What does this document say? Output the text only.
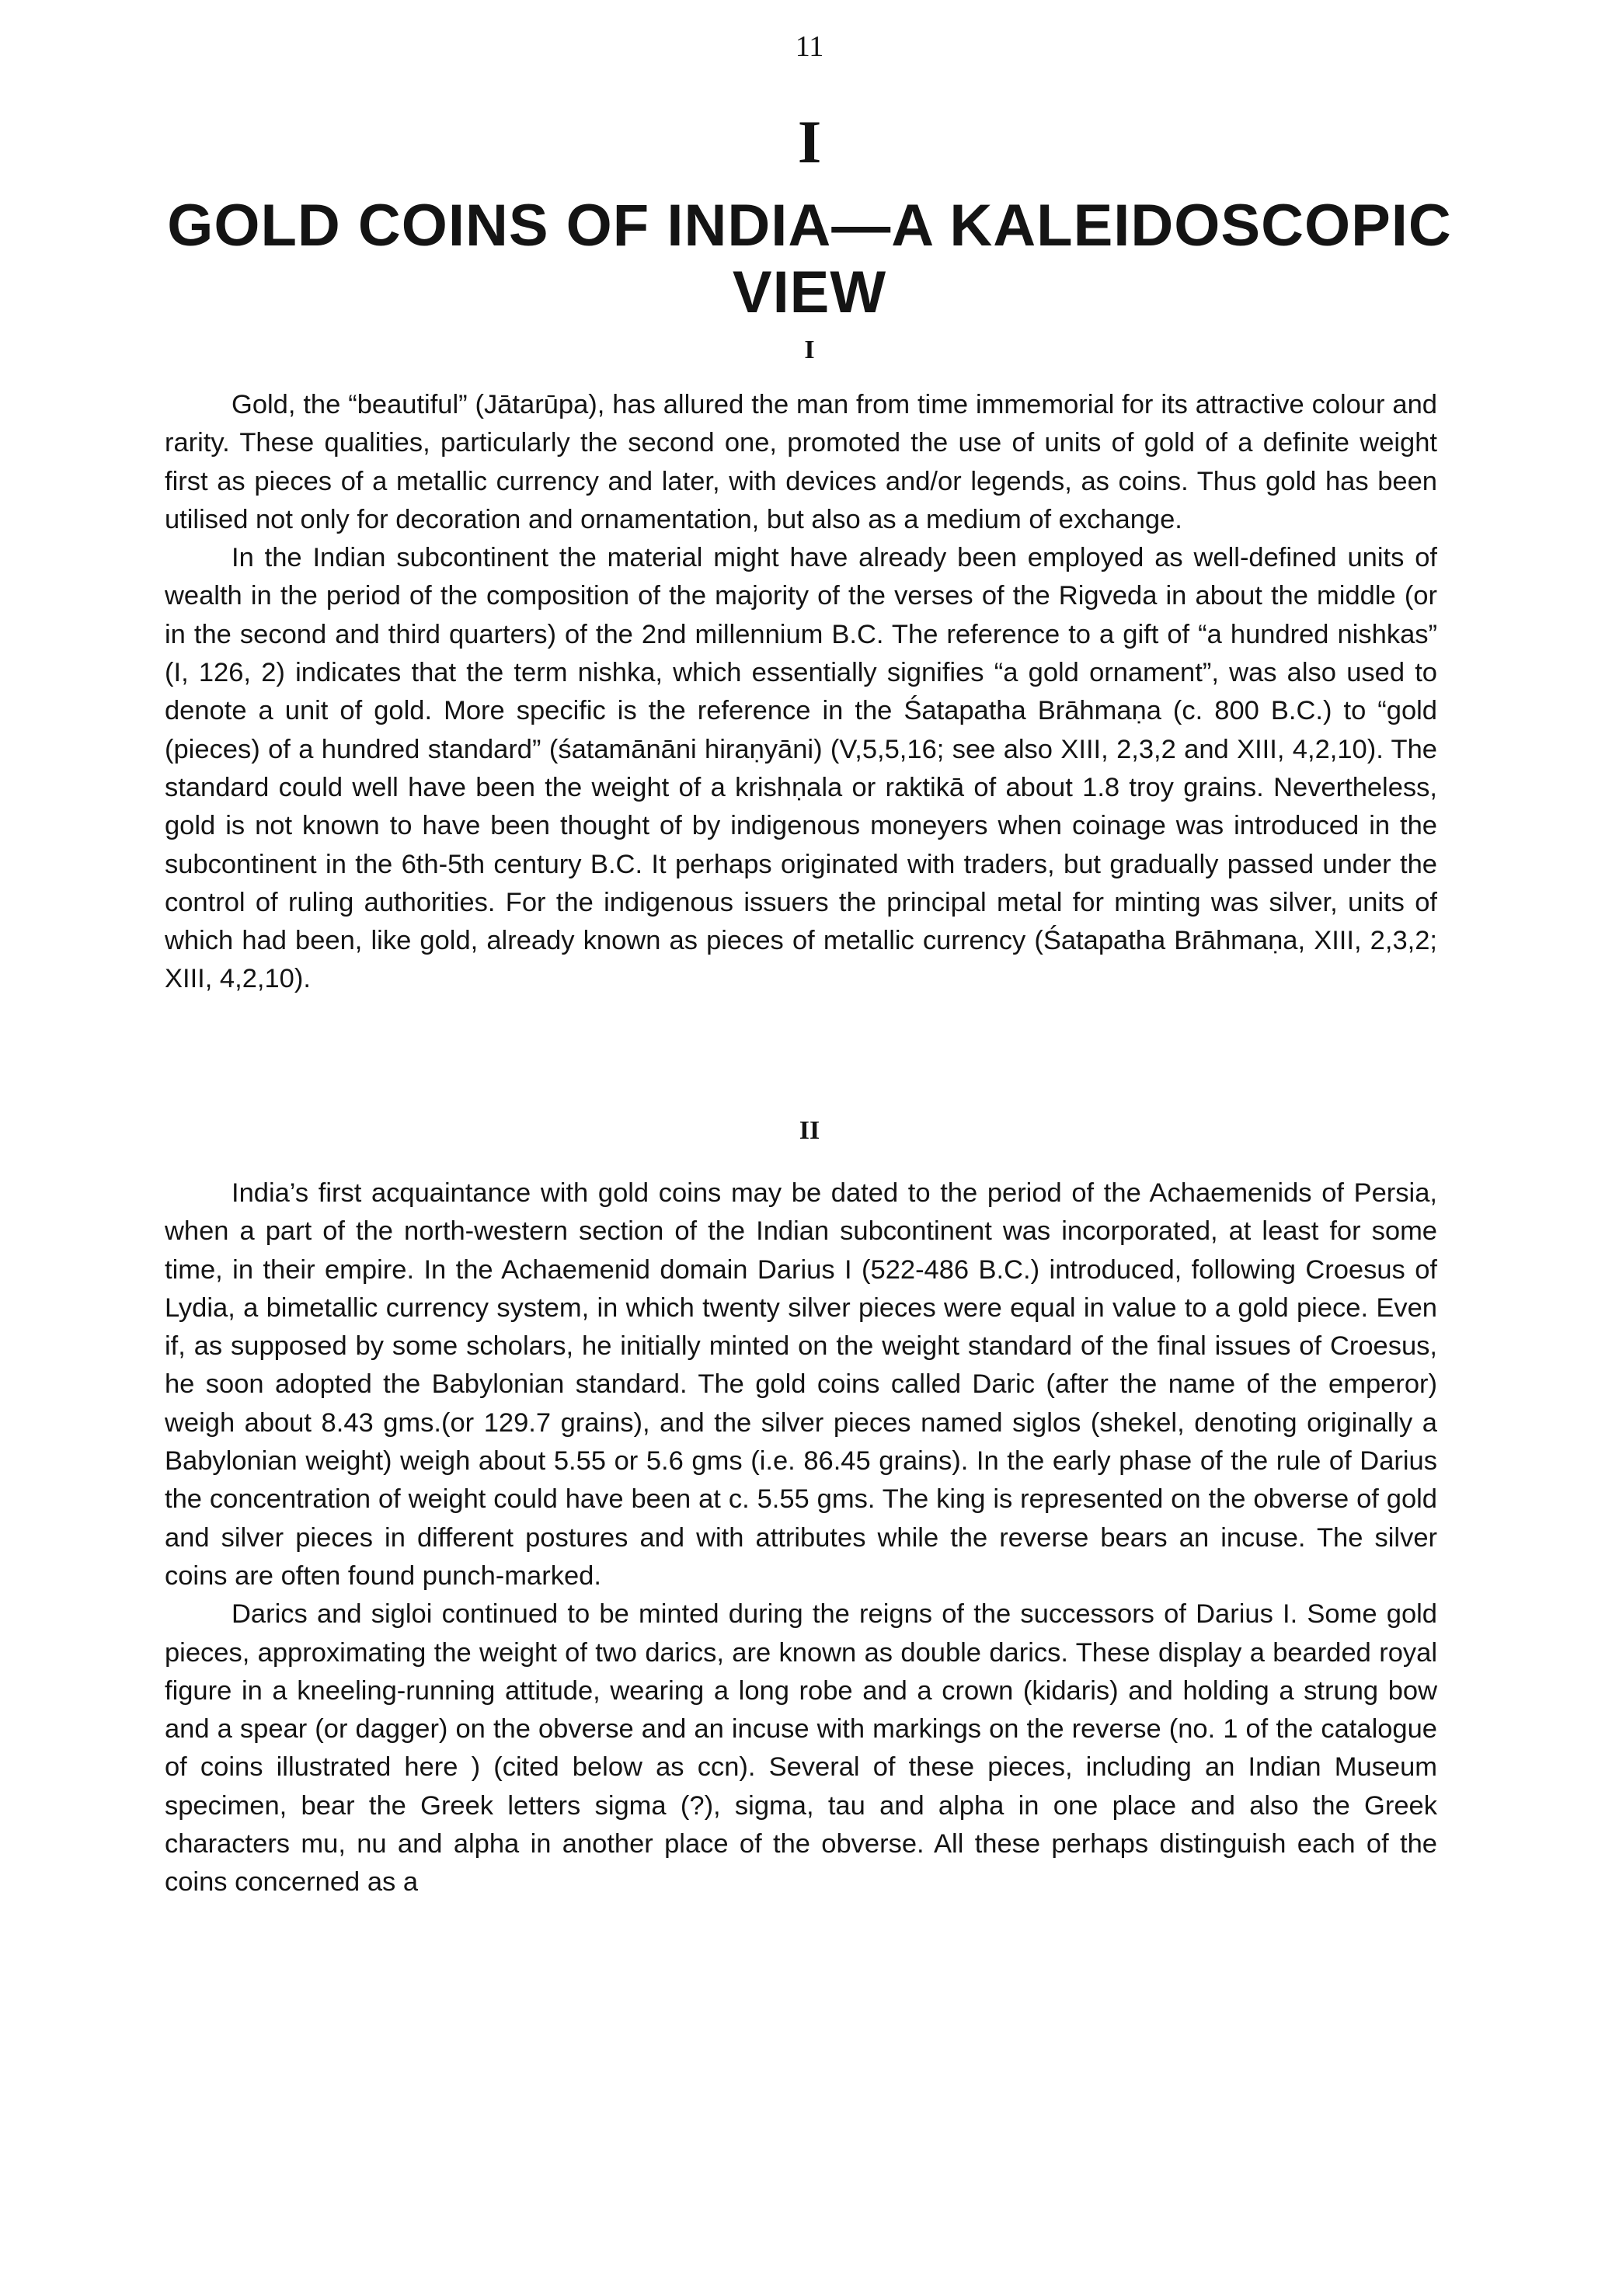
11
I
GOLD COINS OF INDIA—A KALEIDOSCOPIC VIEW
I

Gold, the “beautiful” (Jātarūpa), has allured the man from time immemorial for its attractive colour and rarity. These qualities, particularly the second one, promoted the use of units of gold of a definite weight first as pieces of a metallic currency and later, with devices and/or legends, as coins. Thus gold has been utilised not only for decoration and ornamentation, but also as a medium of exchange.

In the Indian subcontinent the material might have already been employed as well-defined units of wealth in the period of the composition of the majority of the verses of the Rigveda in about the middle (or in the second and third quarters) of the 2nd millennium B.C. The reference to a gift of “a hundred nishkas” (I, 126, 2) indicates that the term nishka, which essentially signifies “a gold ornament”, was also used to denote a unit of gold. More specific is the reference in the Śatapatha Brāhmaṇa (c. 800 B.C.) to “gold (pieces) of a hundred standard” (śatamānāni hiraṇyāni) (V,5,5,16; see also XIII, 2,3,2 and XIII, 4,2,10). The standard could well have been the weight of a krishṇala or raktikā of about 1.8 troy grains. Nevertheless, gold is not known to have been thought of by indigenous moneyers when coinage was introduced in the subcontinent in the 6th-5th century B.C. It perhaps originated with traders, but gradually passed under the control of ruling authorities. For the indigenous issuers the principal metal for minting was silver, units of which had been, like gold, already known as pieces of metallic currency (Śatapatha Brāhmaṇa, XIII, 2,3,2; XIII, 4,2,10).

II

India’s first acquaintance with gold coins may be dated to the period of the Achaemenids of Persia, when a part of the north-western section of the Indian subcontinent was incorporated, at least for some time, in their empire. In the Achaemenid domain Darius I (522-486 B.C.) introduced, following Croesus of Lydia, a bimetallic currency system, in which twenty silver pieces were equal in value to a gold piece. Even if, as supposed by some scholars, he initially minted on the weight standard of the final issues of Croesus, he soon adopted the Babylonian standard. The gold coins called Daric (after the name of the emperor) weigh about 8.43 gms.(or 129.7 grains), and the silver pieces named siglos (shekel, denoting originally a Babylonian weight) weigh about 5.55 or 5.6 gms (i.e. 86.45 grains). In the early phase of the rule of Darius the concentration of weight could have been at c. 5.55 gms. The king is represented on the obverse of gold and silver pieces in different postures and with attributes while the reverse bears an incuse. The silver coins are often found punch-marked.

Darics and sigloi continued to be minted during the reigns of the successors of Darius I. Some gold pieces, approximating the weight of two darics, are known as double darics. These display a bearded royal figure in a kneeling-running attitude, wearing a long robe and a crown (kidaris) and holding a strung bow and a spear (or dagger) on the obverse and an incuse with markings on the reverse (no. 1 of the catalogue of coins illustrated here ) (cited below as ccn). Several of these pieces, including an Indian Museum specimen, bear the Greek letters sigma (?), sigma, tau and alpha in one place and also the Greek characters mu, nu and alpha in another place of the obverse. All these perhaps distinguish each of the coins concerned as a
